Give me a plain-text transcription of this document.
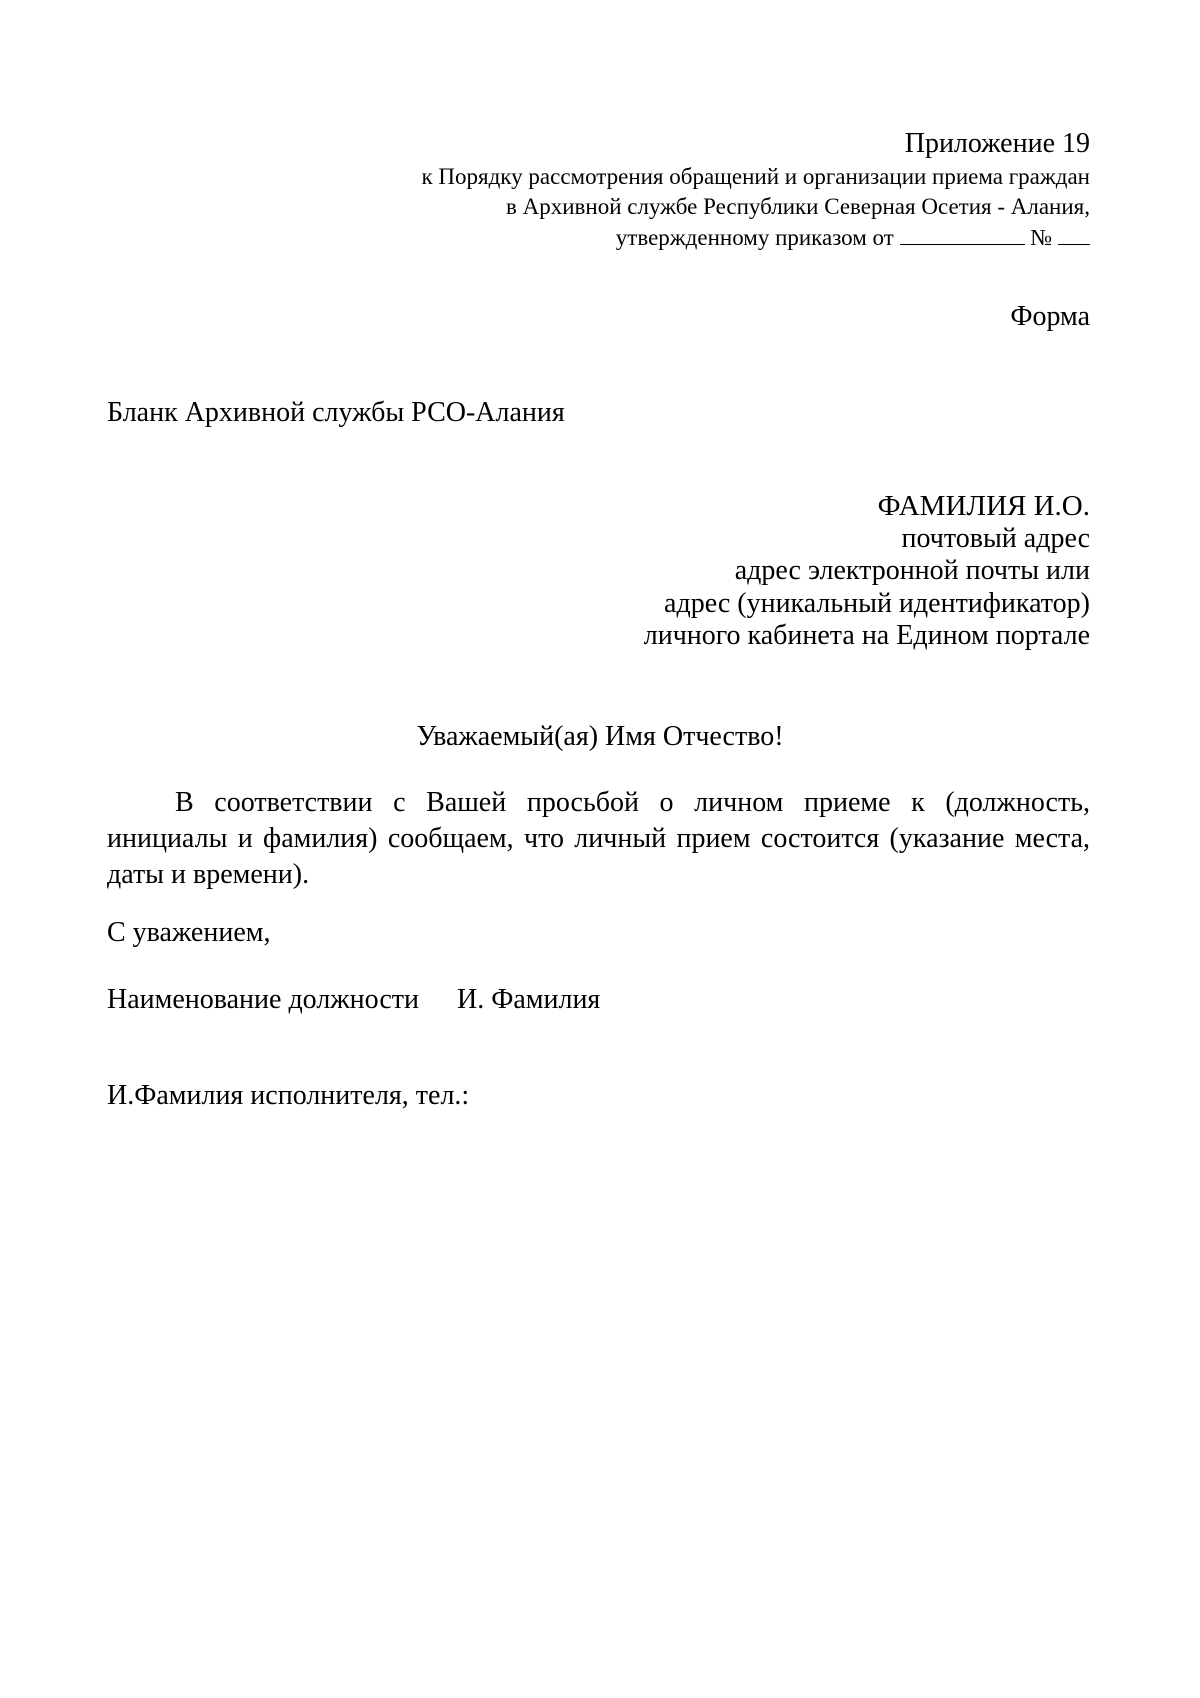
Приложение 19
к Порядку рассмотрения обращений и организации приема граждан
в Архивной службе Республики Северная Осетия - Алания,
утвержденному приказом от	№
Форма
Бланк Архивной службы РСО-Алания
ФАМИЛИЯ И.О.
почтовый адрес
адрес электронной почты или
адрес (уникальный идентификатор)
личного кабинета на Едином портале
Уважаемый(ая) Имя Отчество!

В соответствии с Вашей просьбой о личном приеме к (должность, инициалы и фамилия) сообщаем, что личный прием состоится (указание места, даты и времени).

С уважением,
Наименование должности И. Фамилия
И.Фамилия исполнителя, тел.:
